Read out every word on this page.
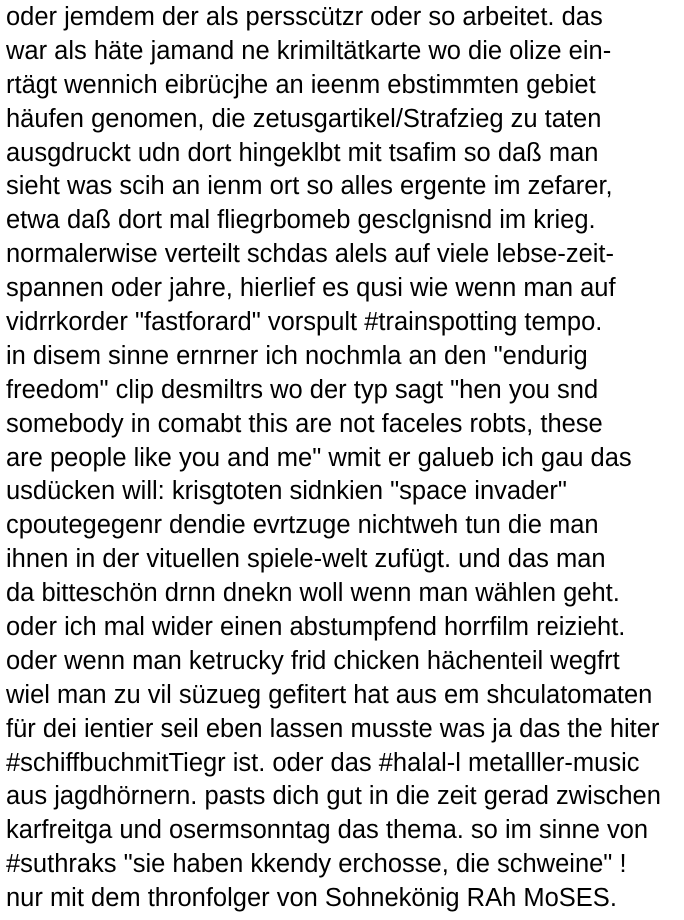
oder jemdem der als persscützr oder so arbeitet. das
war als häte jamand ne krimiltätkarte wo die olize ein-
rtägt wennich eibrücjhe an ieenm ebstimmten gebiet
häufen genomen, die zetusgartikel/Strafzieg zu taten
ausgdruckt udn dort hingeklbt mit tsafim so daß man
sieht was scih an ienm ort so alles ergente im zefarer,
etwa daß dort mal fliegrbomeb gesclgnisnd im krieg.
normalerwise verteilt schdas alels auf viele lebse-zeit-
spannen oder jahre, hierlief es qusi wie wenn man auf
vidrrkorder "fastforard" vorspult #trainspotting tempo.
in disem sinne ernrner ich nochmla an den "endurig
freedom" clip desmiltrs wo der typ sagt "hen you snd
somebody in comabt this are not faceles robts, these
are people like you and me" wmit er galueb ich gau das
usdücken will: krisgtoten sidnkien "space invader"
cpoutegegenr dendie evrtzuge nichtweh tun die man
ihnen in der vituellen spiele-welt zufügt. und das man
da bitteschön drnn dnekn woll wenn man wählen geht.
oder ich mal wider einen abstumpfend horrfilm reizieht.
oder wenn man ketrucky frid chicken hächenteil wegfrt
wiel man zu vil süzueg gefitert hat aus em shculatomaten
für dei ientier seil eben lassen musste was ja das the hiter
#schiffbuchmitTiegr ist. oder das #halal-l metalller-music
aus jagdhörnern. pasts dich gut in die zeit gerad zwischen
karfreitga und osermsonntag das thema. so im sinne von
#suthraks "sie haben kkendy erchosse, die schweine" !
nur mit dem thronfolger von Sohnekönig RAh MoSES.
